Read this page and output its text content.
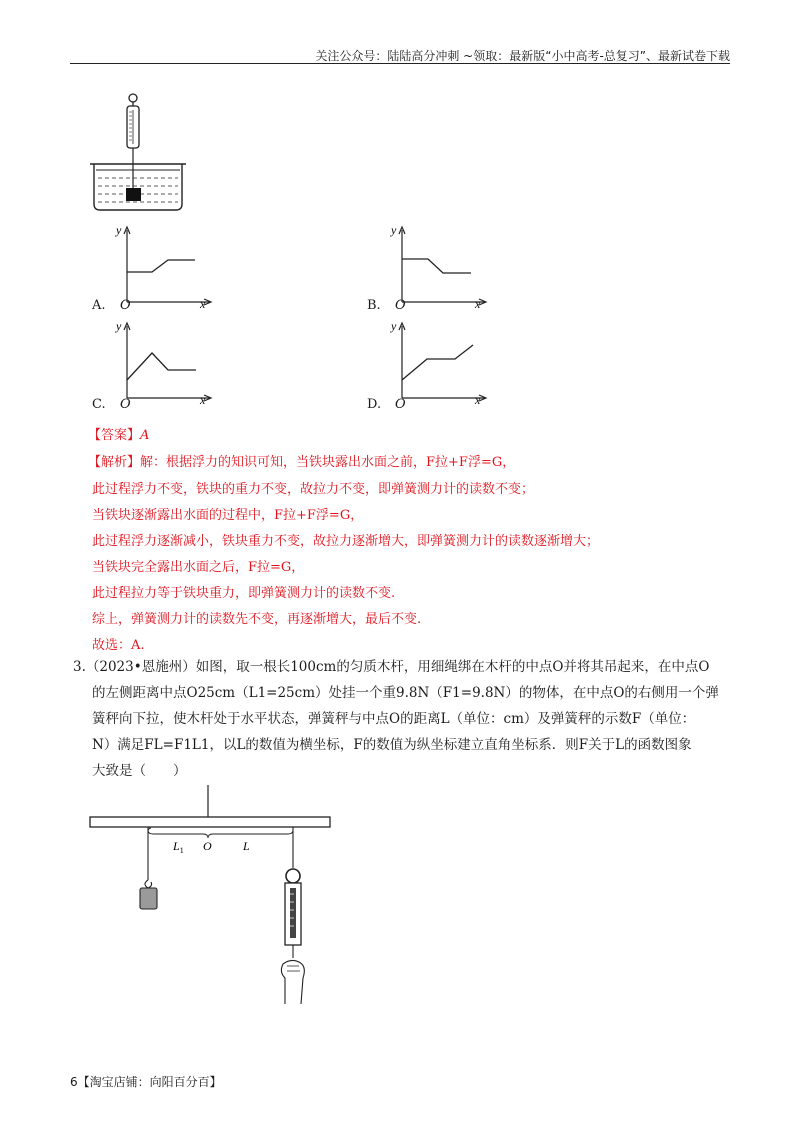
关注公众号：陆陆高分冲刺 ~领取：最新版“小中高考-总复习”、最新试卷下载
y
x
A. O
y
x
B. O
y
x
C. O
y
x
D. O
【答案】A
【解析】解：根据浮力的知识可知，当铁块露出水面之前，F拉+F浮=G，
此过程浮力不变，铁块的重力不变，故拉力不变，即弹簧测力计的读数不变；
当铁块逐渐露出水面的过程中，F拉+F浮=G，
此过程浮力逐渐减小，铁块重力不变，故拉力逐渐增大，即弹簧测力计的读数逐渐增大；
当铁块完全露出水面之后，F拉=G，
此过程拉力等于铁块重力，即弹簧测力计的读数不变.
综上，弹簧测力计的读数先不变，再逐渐增大，最后不变.
故选：A.
3.（2023•恩施州）如图，取一根长100cm的匀质木杆，用细绳绑在木杆的中点O并将其吊起来，在中点O
的左侧距离中点O25cm（L1=25cm）处挂一个重9.8N（F1=9.8N）的物体，在中点O的右侧用一个弹
簧秤向下拉，使木杆处于水平状态，弹簧秤与中点O的距离L（单位：cm）及弹簧秤的示数F（单位：
N）满足FL=F1L1，以L的数值为横坐标，F的数值为纵坐标建立直角坐标系．则F关于L的函数图象
大致是（　　）
$L_1$ O	L
6【淘宝店铺：向阳百分百】
